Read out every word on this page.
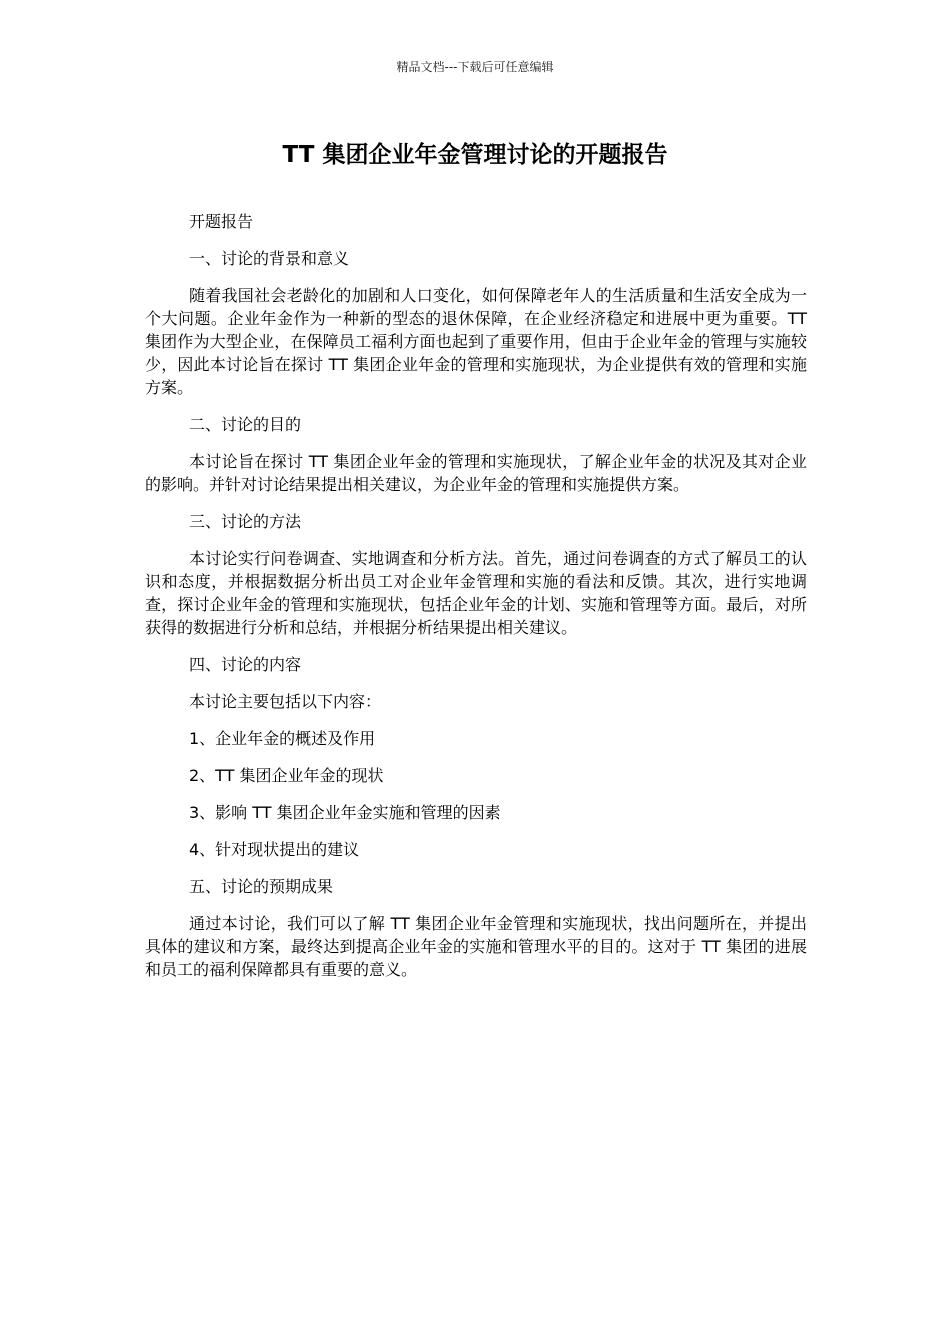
精品文档---下载后可任意编辑
TT 集团企业年金管理讨论的开题报告

开题报告

一、讨论的背景和意义

随着我国社会老龄化的加剧和人口变化，如何保障老年人的生活质量和生活安全成为一个大问题。企业年金作为一种新的型态的退休保障，在企业经济稳定和进展中更为重要。TT 集团作为大型企业，在保障员工福利方面也起到了重要作用，但由于企业年金的管理与实施较少，因此本讨论旨在探讨 TT 集团企业年金的管理和实施现状，为企业提供有效的管理和实施方案。

二、讨论的目的

本讨论旨在探讨 TT 集团企业年金的管理和实施现状，了解企业年金的状况及其对企业的影响。并针对讨论结果提出相关建议，为企业年金的管理和实施提供方案。

三、讨论的方法

本讨论实行问卷调查、实地调查和分析方法。首先，通过问卷调查的方式了解员工的认识和态度，并根据数据分析出员工对企业年金管理和实施的看法和反馈。其次，进行实地调查，探讨企业年金的管理和实施现状，包括企业年金的计划、实施和管理等方面。最后，对所获得的数据进行分析和总结，并根据分析结果提出相关建议。

四、讨论的内容

本讨论主要包括以下内容：

1、企业年金的概述及作用

2、TT 集团企业年金的现状

3、影响 TT 集团企业年金实施和管理的因素

4、针对现状提出的建议

五、讨论的预期成果

通过本讨论，我们可以了解 TT 集团企业年金管理和实施现状，找出问题所在，并提出具体的建议和方案，最终达到提高企业年金的实施和管理水平的目的。这对于 TT 集团的进展和员工的福利保障都具有重要的意义。
